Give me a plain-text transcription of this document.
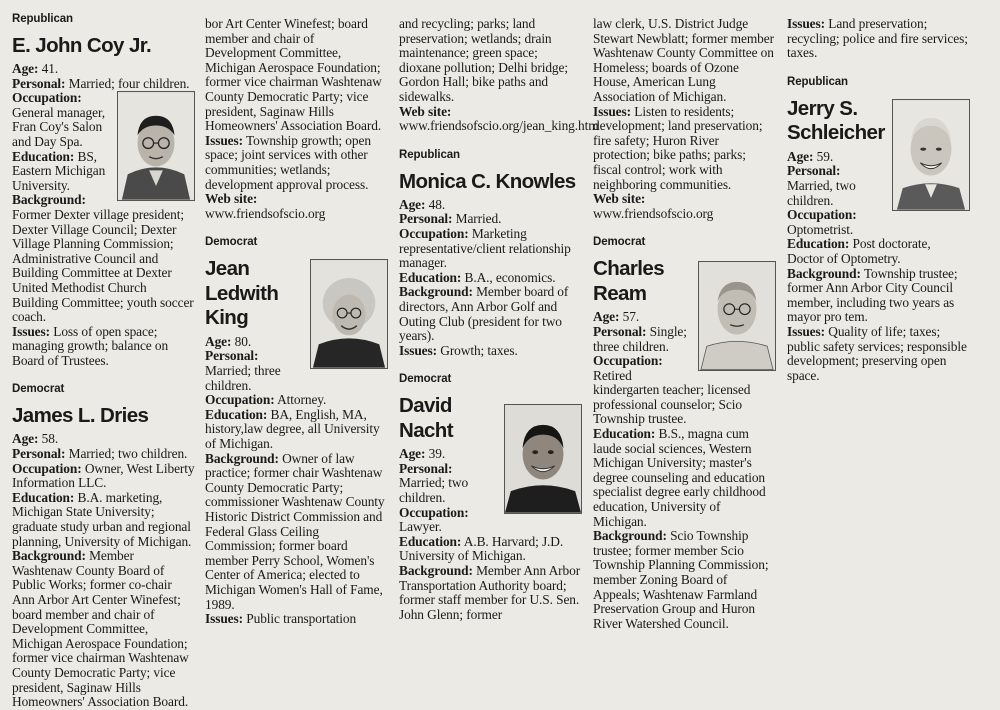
Republican
E. John Coy Jr.
Age: 41.
Personal: Married; four children.
Occupation: General manager, Fran Coy's Salon and Day Spa.
Education: BS, Eastern Michigan University.
Background: Former Dexter village president; Dexter Village Council; Dexter Village Planning Commission; Administrative Council and Building Committee at Dexter United Methodist Church Building Committee; youth soccer coach.
Issues: Loss of open space; managing growth; balance on Board of Trustees.
Democrat
James L. Dries
Age: 58.
Personal: Married; two children.
Occupation: Owner, West Liberty Information LLC.
Education: B.A. marketing, Michigan State University; graduate study urban and regional planning, University of Michigan.
Background: Member Washtenaw County Board of Public Works; former co-chair Ann Arbor Art Center Winefest; board member and chair of Development Committee, Michigan Aerospace Foundation; former vice chairman Washtenaw County Democratic Party; vice president, Saginaw Hills Homeowners' Association Board.
bor Art Center Winefest; board member and chair of Development Committee, Michigan Aerospace Foundation; former vice chairman Washtenaw County Democratic Party; vice president, Saginaw Hills Homeowners' Association Board.
Issues: Township growth; open space; joint services with other communities; wetlands; development approval process.
Web site:
www.friendsofscio.org
Democrat
Jean
Ledwith
King
Age: 80.
Personal: Married; three children.
Occupation: Attorney.
Education: BA, English, MA, history,law degree, all University of Michigan.
Background: Owner of law practice; former chair Washtenaw County Democratic Party; commissioner Washtenaw County Historic District Commission and Federal Glass Ceiling Commission; former board member Perry School, Women's Center of America; elected to Michigan Women's Hall of Fame, 1989.
Issues: Public transportation
and recycling; parks; land preservation; wetlands; drain maintenance; green space; dioxane pollution; Delhi bridge; Gordon Hall; bike paths and sidewalks.
Web site:
www.friendsofscio.org/jean_king.htm
Republican
Monica C. Knowles
Age: 48.
Personal: Married.
Occupation: Marketing representative/client relationship manager.
Education: B.A., economics.
Background: Member board of directors, Ann Arbor Golf and Outing Club (president for two years).
Issues: Growth; taxes.
Democrat
David
Nacht
Age: 39.
Personal: Married; two children.
Occupation: Lawyer.
Education: A.B. Harvard; J.D. University of Michigan.
Background: Member Ann Arbor Transportation Authority board; former staff member for U.S. Sen. John Glenn; former
law clerk, U.S. District Judge Stewart Newblatt; former member Washtenaw County Committee on Homeless; boards of Ozone House, American Lung Association of Michigan.
Issues: Listen to residents; development; land preservation; fire safety; Huron River protection; bike paths; parks; fiscal control; work with neighboring communities.
Web site:
www.friendsofscio.org
Democrat
Charles
Ream
Age: 57.
Personal: Single; three children.
Occupation: Retired kindergarten teacher; licensed professional counselor; Scio Township trustee.
Education: B.S., magna cum laude social sciences, Western Michigan University; master's degree counseling and education specialist degree early childhood education, University of Michigan.
Background: Scio Township trustee; former member Scio Township Planning Commission; member Zoning Board of Appeals; Washtenaw Farmland Preservation Group and Huron River Watershed Council.
Issues: Land preservation; recycling; police and fire services; taxes.
Republican
Jerry S.
Schleicher
Age: 59.
Personal: Married, two children.
Occupation: Optometrist.
Education: Post doctorate, Doctor of Optometry.
Background: Township trustee; former Ann Arbor City Council member, including two years as mayor pro tem.
Issues: Quality of life; taxes; public safety services; responsible development; preserving open space.
